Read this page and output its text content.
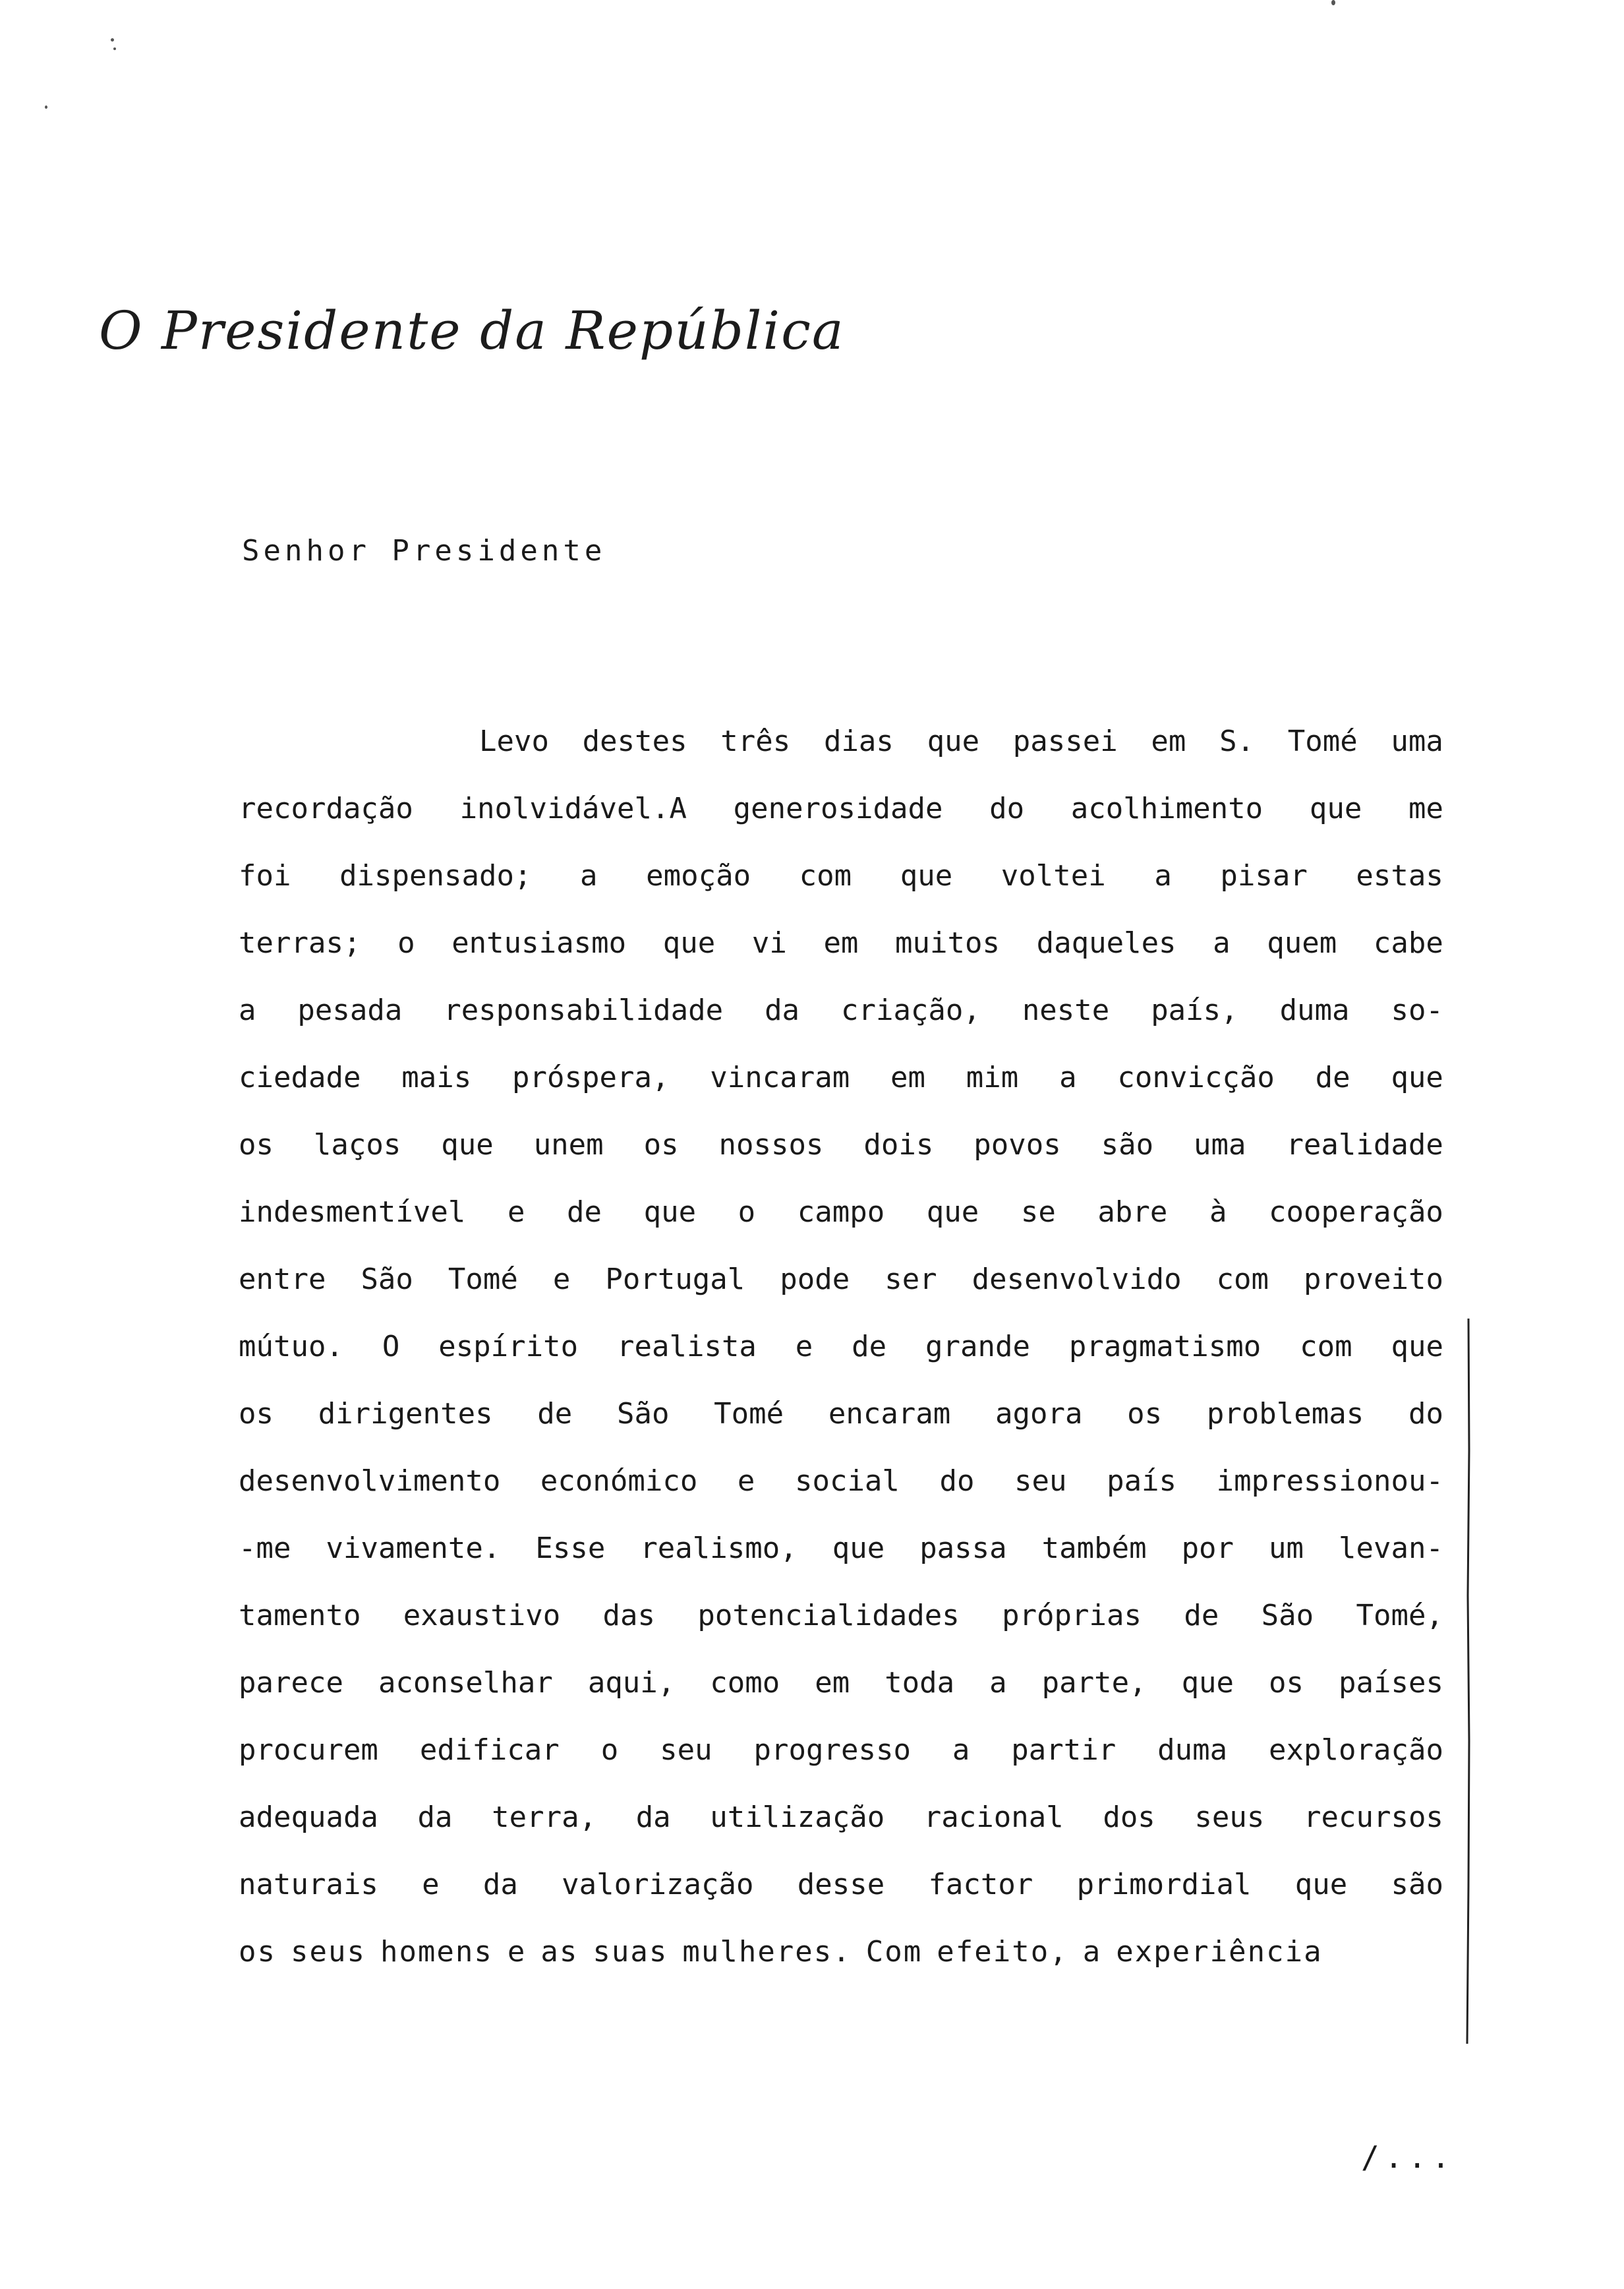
O Presidente da República
Senhor Presidente
Levo destes três dias que passei em S. Tomé uma
recordação inolvidável.A generosidade do acolhimento que me
foi dispensado; a emoção com que voltei a pisar estas
terras; o entusiasmo que vi em muitos daqueles a quem cabe
a pesada responsabilidade da criação, neste país, duma so-
ciedade mais próspera, vincaram em mim a convicção de que
os laços que unem os nossos dois povos são uma realidade
indesmentível e de que o campo que se abre à cooperação
entre São Tomé e Portugal pode ser desenvolvido com proveito
mútuo. O espírito realista e de grande pragmatismo com que
os dirigentes de São Tomé encaram agora os problemas do
desenvolvimento económico e social do seu país impressionou-
-me vivamente. Esse realismo, que passa também por um levan-
tamento exaustivo das potencialidades próprias de São Tomé,
parece aconselhar aqui, como em toda a parte, que os países
procurem edificar o seu progresso a partir duma exploração
adequada da terra, da utilização racional dos seus recursos
naturais e da valorização desse factor primordial que são
os seus homens e as suas mulheres. Com efeito, a experiência
/...
